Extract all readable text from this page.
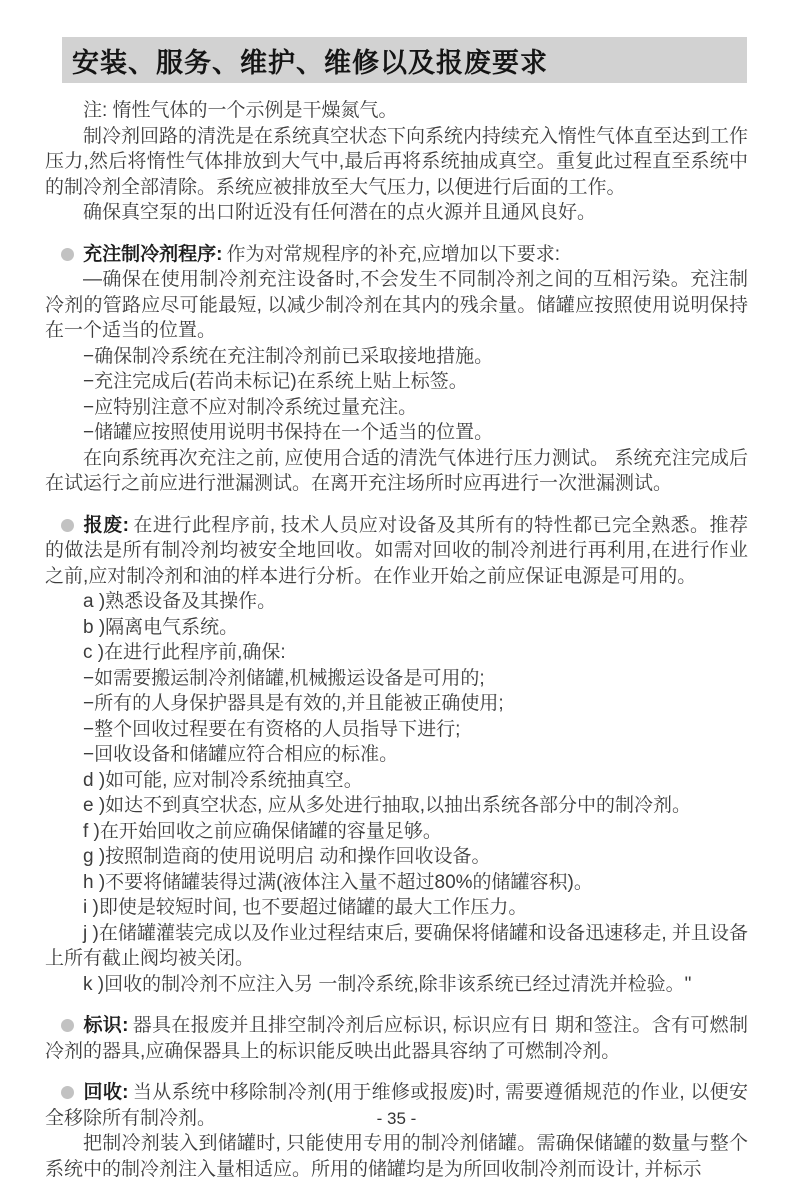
安装、服务、维护、维修以及报废要求
注: 惰性气体的一个示例是干燥氮气。
制冷剂回路的清洗是在系统真空状态下向系统内持续充入惰性气体直至达到工作压力,然后将惰性气体排放到大气中,最后再将系统抽成真空。重复此过程直至系统中的制冷剂全部清除。系统应被排放至大气压力, 以便进行后面的工作。
确保真空泵的出口附近没有任何潜在的点火源并且通风良好。
充注制冷剂程序: 作为对常规程序的补充,应增加以下要求:
—确保在使用制冷剂充注设备时,不会发生不同制冷剂之间的互相污染。充注制冷剂的管路应尽可能最短, 以减少制冷剂在其内的残余量。储罐应按照使用说明保持在一个适当的位置。
−确保制冷系统在充注制冷剂前已采取接地措施。
−充注完成后(若尚未标记)在系统上贴上标签。
−应特别注意不应对制冷系统过量充注。
−储罐应按照使用说明书保持在一个适当的位置。
在向系统再次充注之前, 应使用合适的清洗气体进行压力测试。 系统充注完成后在试运行之前应进行泄漏测试。在离开充注场所时应再进行一次泄漏测试。
报废: 在进行此程序前, 技术人员应对设备及其所有的特性都已完全熟悉。推荐的做法是所有制冷剂均被安全地回收。如需对回收的制冷剂进行再利用,在进行作业之前,应对制冷剂和油的样本进行分析。在作业开始之前应保证电源是可用的。
a )熟悉设备及其操作。
b )隔离电气系统。
c )在进行此程序前,确保:
−如需要搬运制冷剂储罐,机械搬运设备是可用的;
−所有的人身保护器具是有效的,并且能被正确使用;
−整个回收过程要在有资格的人员指导下进行;
−回收设备和储罐应符合相应的标准。
d )如可能, 应对制冷系统抽真空。
e )如达不到真空状态, 应从多处进行抽取,以抽出系统各部分中的制冷剂。
f )在开始回收之前应确保储罐的容量足够。
g )按照制造商的使用说明启 动和操作回收设备。
h )不要将储罐装得过满(液体注入量不超过80%的储罐容积)。
i )即使是较短时间, 也不要超过储罐的最大工作压力。
j )在储罐灌装完成以及作业过程结束后, 要确保将储罐和设备迅速移走, 并且设备上所有截止阀均被关闭。
k )回收的制冷剂不应注入另 一制冷系统,除非该系统已经过清洗并检验。"
标识: 器具在报废并且排空制冷剂后应标识, 标识应有日 期和签注。含有可燃制冷剂的器具,应确保器具上的标识能反映出此器具容纳了可燃制冷剂。
回收: 当从系统中移除制冷剂(用于维修或报废)时, 需要遵循规范的作业, 以便安全移除所有制冷剂。
把制冷剂装入到储罐时, 只能使用专用的制冷剂储罐。需确保储罐的数量与整个系统中的制冷剂注入量相适应。所用的储罐均是为所回收制冷剂而设计, 并标示
- 35 -
